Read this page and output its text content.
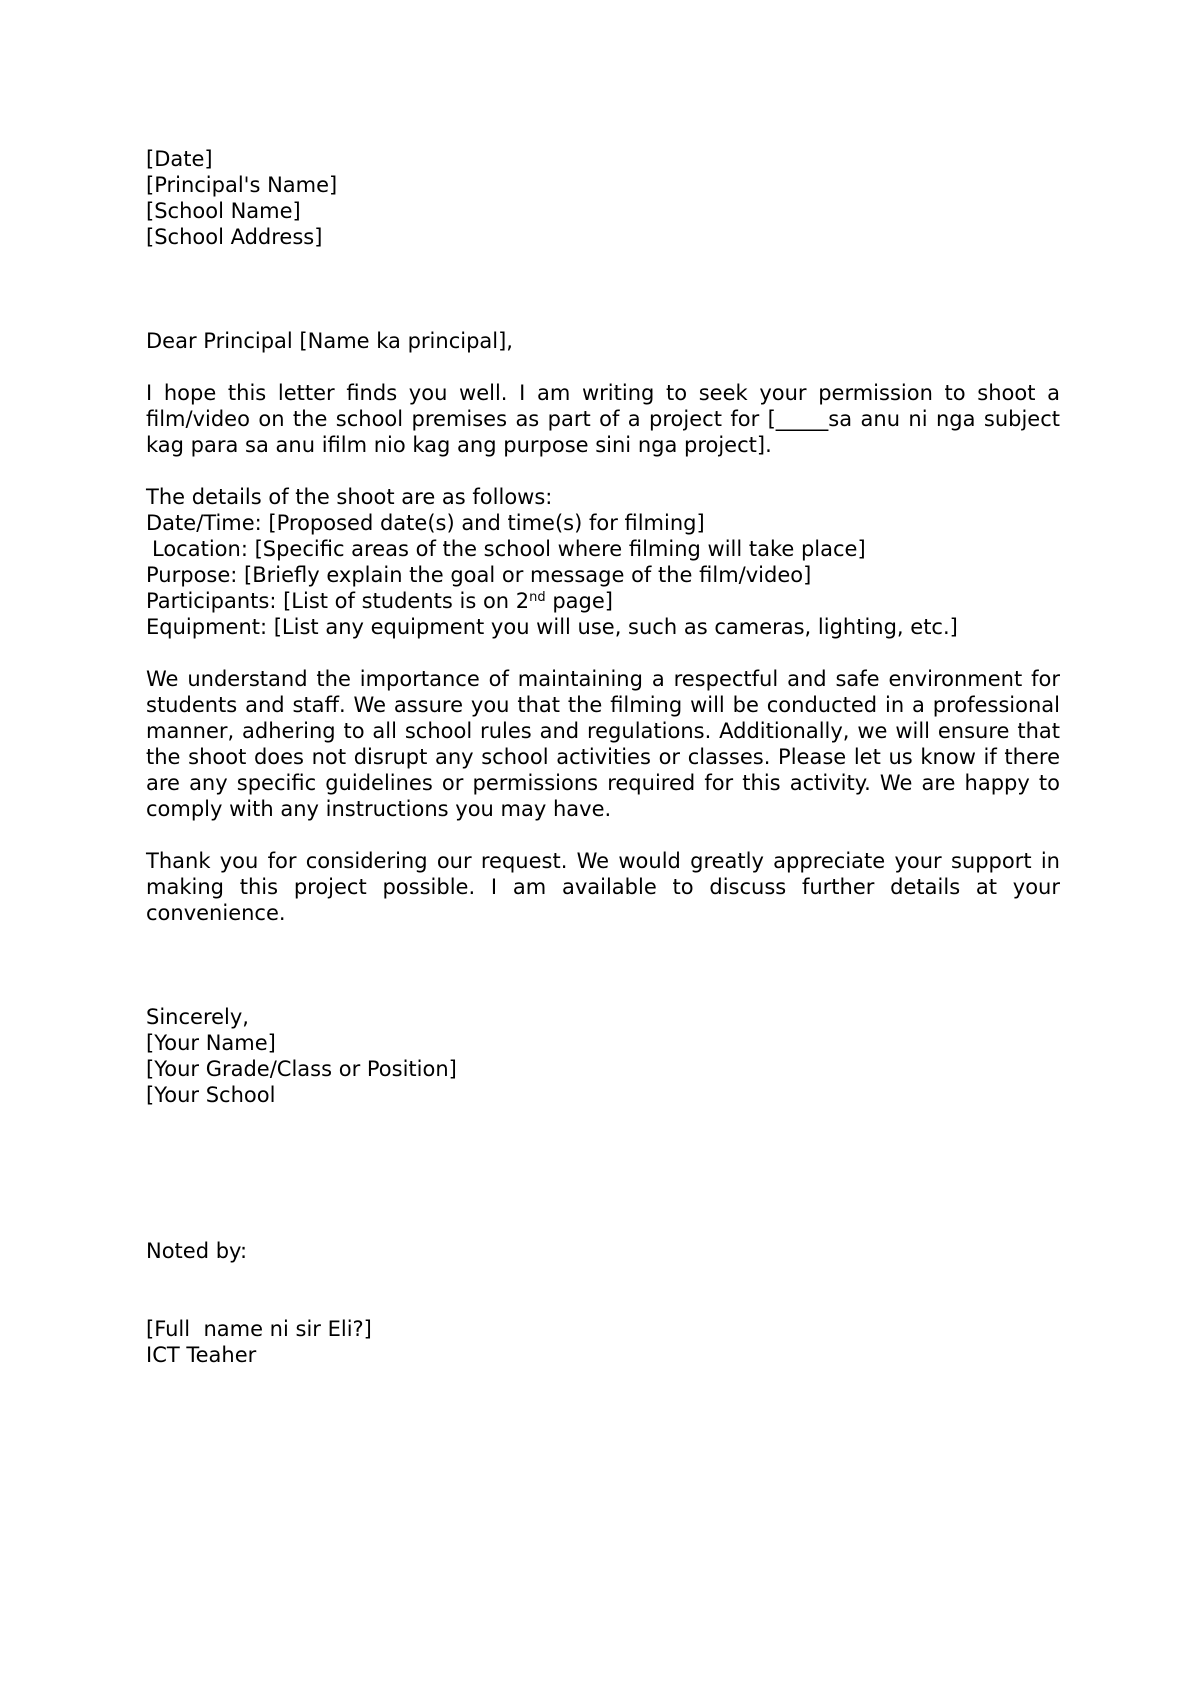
[Date]
[Principal's Name]
[School Name]
[School Address]
Dear Principal [Name ka principal],

I hope this letter finds you well. I am writing to seek your permission to shoot a film/video on the school premises as part of a project for [_____sa anu ni nga subject kag para sa anu ifilm nio kag ang purpose sini nga project].

The details of the shoot are as follows:
Date/Time: [Proposed date(s) and time(s) for filming]
Location: [Specific areas of the school where filming will take place]
Purpose: [Briefly explain the goal or message of the film/video]
Participants: [List of students is on 2nd page]
Equipment: [List any equipment you will use, such as cameras, lighting, etc.]

We understand the importance of maintaining a respectful and safe environment for students and staff. We assure you that the filming will be conducted in a professional manner, adhering to all school rules and regulations. Additionally, we will ensure that the shoot does not disrupt any school activities or classes. Please let us know if there are any specific guidelines or permissions required for this activity. We are happy to comply with any instructions you may have.

Thank you for considering our request. We would greatly appreciate your support in making this project possible. I am available to discuss further details at your convenience.

Sincerely,
[Your Name]
[Your Grade/Class or Position]
[Your School
Noted by:
[Full  name ni sir Eli?]
ICT Teaher
